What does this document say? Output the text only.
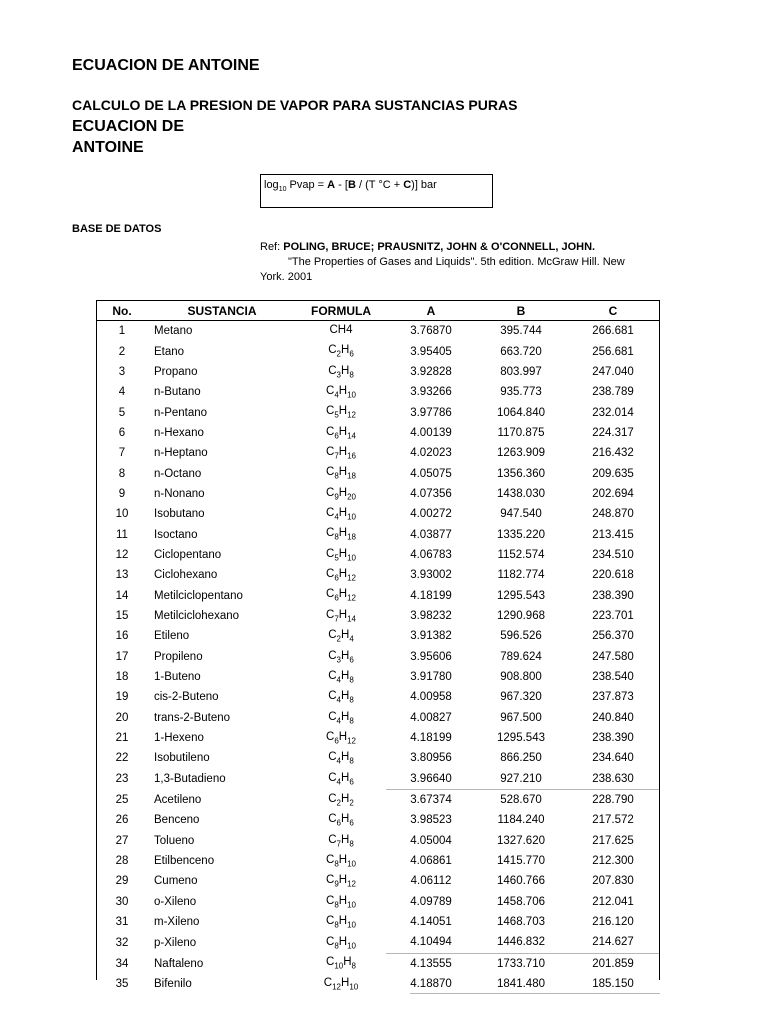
ECUACION DE ANTOINE
CALCULO DE LA PRESION DE VAPOR PARA SUSTANCIAS PURAS
ECUACION DE
ANTOINE
$\log_{10}$ Pvap = A - [B / (T °C + C)] bar
BASE DE DATOS
Ref: POLING, BRUCE; PRAUSNITZ, JOHN & O'CONNELL, JOHN.
"The Properties of Gases and Liquids". 5th edition. McGraw Hill. New
York. 2001
No.	SUSTANCIA	FORMULA	A	B	C
1	Metano	CH4	3.76870	395.744	266.681
2	Etano	$C_2H_6$	3.95405	663.720	256.681
3	Propano	$C_3H_8$	3.92828	803.997	247.040
4	n-Butano	$C_4H_{10}$	3.93266	935.773	238.789
5	n-Pentano	$C_5H_{12}$	3.97786	1064.840	232.014
6	n-Hexano	$C_6H_{14}$	4.00139	1170.875	224.317
7	n-Heptano	$C_7H_{16}$	4.02023	1263.909	216.432
8	n-Octano	$C_8H_{18}$	4.05075	1356.360	209.635
9	n-Nonano	$C_9H_{20}$	4.07356	1438.030	202.694
10	Isobutano	$C_4H_{10}$	4.00272	947.540	248.870
11	Isoctano	$C_8H_{18}$	4.03877	1335.220	213.415
12	Ciclopentano	$C_5H_{10}$	4.06783	1152.574	234.510
13	Ciclohexano	$C_6H_{12}$	3.93002	1182.774	220.618
14	Metilciclopentano	$C_6H_{12}$	4.18199	1295.543	238.390
15	Metilciclohexano	$C_7H_{14}$	3.98232	1290.968	223.701
16	Etileno	$C_2H_4$	3.91382	596.526	256.370
17	Propileno	$C_3H_6$	3.95606	789.624	247.580
18	1-Buteno	$C_4H_8$	3.91780	908.800	238.540
19	cis-2-Buteno	$C_4H_8$	4.00958	967.320	237.873
20	trans-2-Buteno	$C_4H_8$	4.00827	967.500	240.840
21	1-Hexeno	$C_6H_{12}$	4.18199	1295.543	238.390
22	Isobutileno	$C_4H_8$	3.80956	866.250	234.640
23	1,3-Butadieno	$C_4H_6$	3.96640	927.210	238.630
25	Acetileno	$C_2H_2$	3.67374	528.670	228.790
26	Benceno	$C_6H_6$	3.98523	1184.240	217.572
27	Tolueno	$C_7H_8$	4.05004	1327.620	217.625
28	Etilbenceno	$C_8H_{10}$	4.06861	1415.770	212.300
29	Cumeno	$C_9H_{12}$	4.06112	1460.766	207.830
30	o-Xileno	$C_8H_{10}$	4.09789	1458.706	212.041
31	m-Xileno	$C_8H_{10}$	4.14051	1468.703	216.120
32	p-Xileno	$C_8H_{10}$	4.10494	1446.832	214.627
34	Naftaleno	$C_{10}H_8$	4.13555	1733.710	201.859
35	Bifenilo	$C_{12}H_{10}$	4.18870	1841.480	185.150
